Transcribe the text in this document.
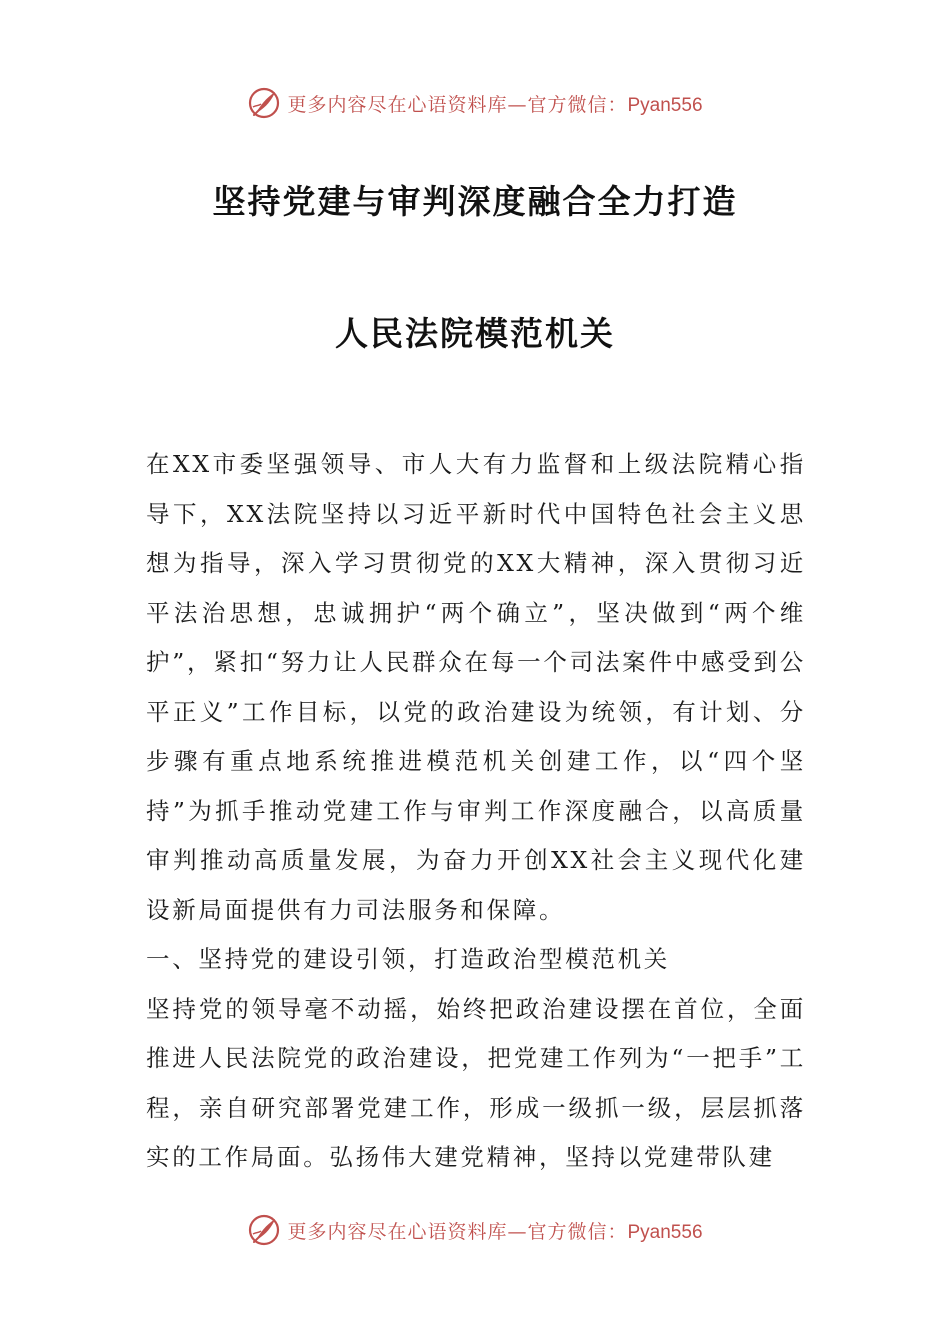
更多内容尽在心语资料库—官方微信：Pyan556
坚持党建与审判深度融合全力打造
人民法院模范机关

在XX市委坚强领导、市人大有力监督和上级法院精心指导下，XX法院坚持以习近平新时代中国特色社会主义思想为指导，深入学习贯彻党的XX大精神，深入贯彻习近平法治思想，忠诚拥护“两个确立”，坚决做到“两个维护”，紧扣“努力让人民群众在每一个司法案件中感受到公平正义”工作目标，以党的政治建设为统领，有计划、分步骤有重点地系统推进模范机关创建工作，以“四个坚持”为抓手推动党建工作与审判工作深度融合，以高质量审判推动高质量发展，为奋力开创XX社会主义现代化建设新局面提供有力司法服务和保障。

一、坚持党的建设引领，打造政治型模范机关

坚持党的领导毫不动摇，始终把政治建设摆在首位，全面推进人民法院党的政治建设，把党建工作列为“一把手”工程，亲自研究部署党建工作，形成一级抓一级，层层抓落实的工作局面。弘扬伟大建党精神，坚持以党建带队建

更多内容尽在心语资料库—官方微信：Pyan556
